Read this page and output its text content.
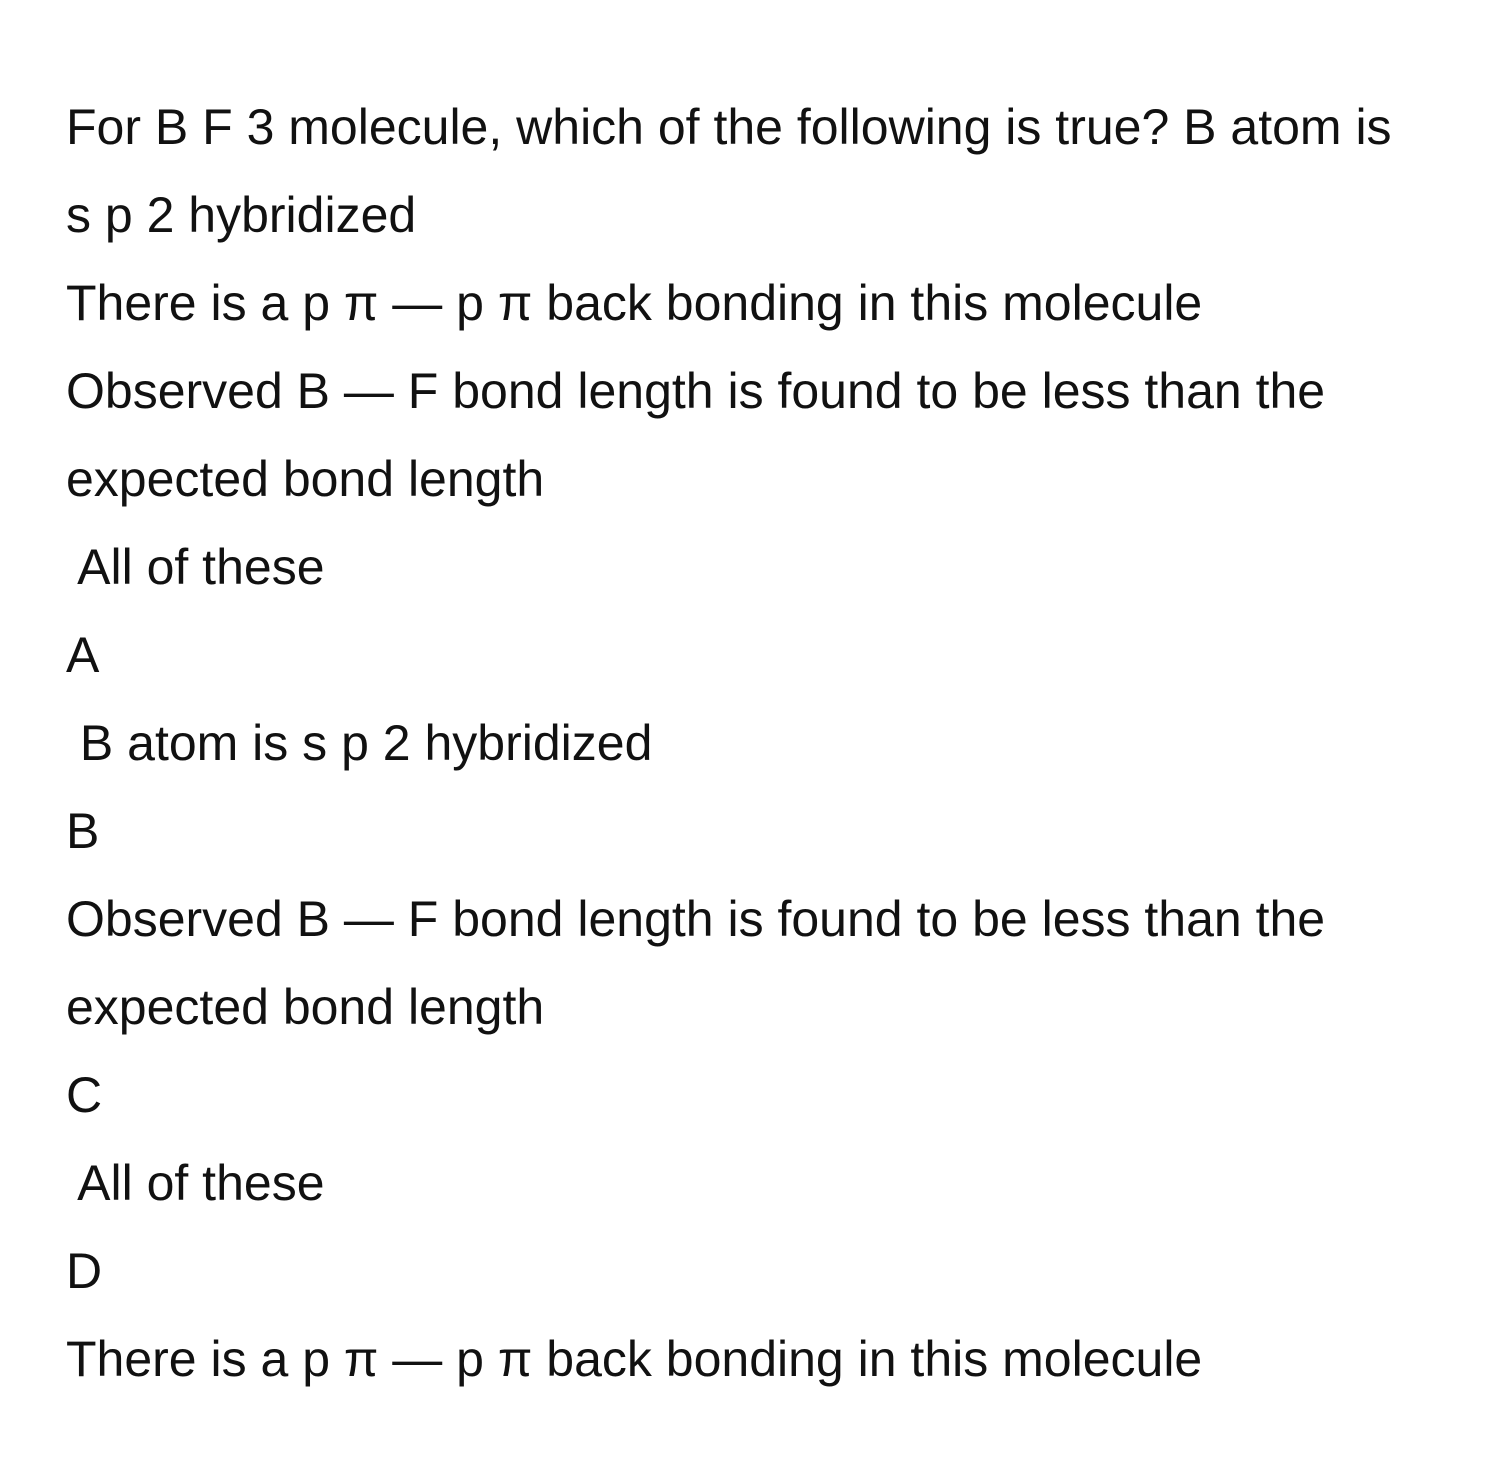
For B F 3 molecule, which of the following is true? B atom is s p 2 hybridized

There is a p π — p π back bonding in this molecule

Observed B — F bond length is found to be less than the expected bond length

All of these

A

B atom is s p 2 hybridized

B

Observed B — F bond length is found to be less than the expected bond length

C

All of these

D

There is a p π — p π back bonding in this molecule
